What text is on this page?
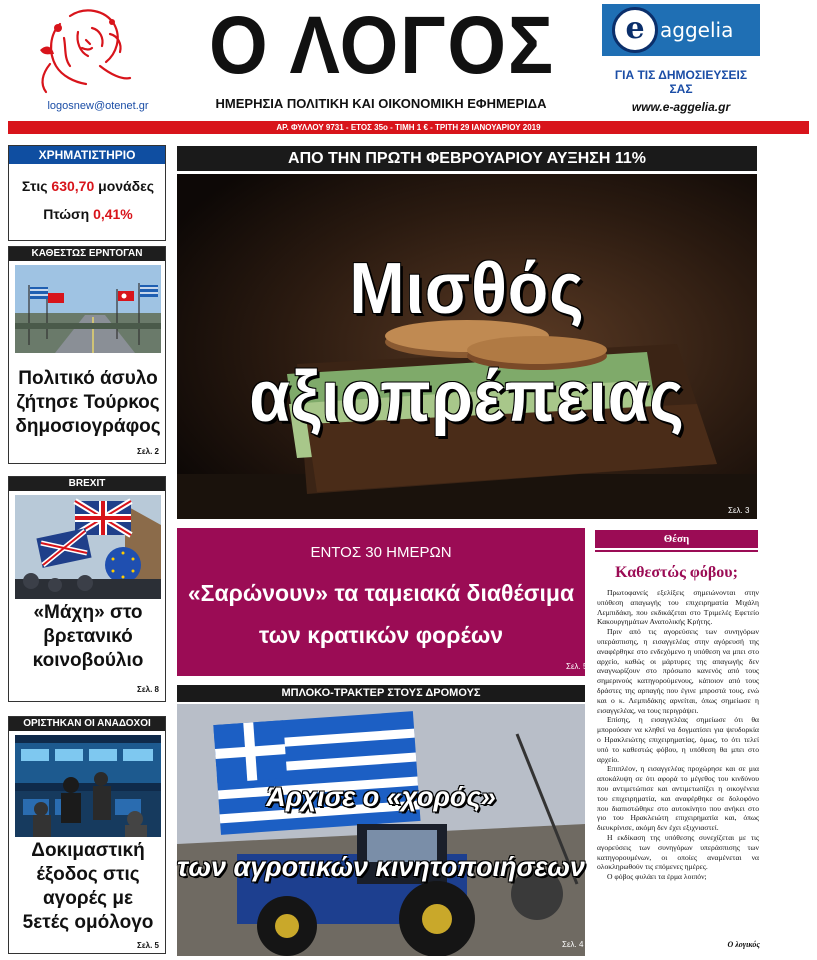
logosnew@otenet.gr
Ο ΛΟΓΟΣ
ΗΜΕΡΗΣΙΑ ΠΟΛΙΤΙΚΗ ΚΑΙ ΟΙΚΟΝΟΜΙΚΗ ΕΦΗΜΕΡΙΔΑ
e aggelia
ΓΙΑ ΤΙΣ ΔΗΜΟΣΙΕΥΣΕΙΣ ΣΑΣ
www.e-aggelia.gr
ΑΡ. ΦΥΛΛΟΥ 9731 - ΕΤΟΣ 35ο - ΤΙΜΗ 1 € - ΤΡΙΤΗ 29 ΙΑΝΟΥΑΡΙΟΥ 2019
ΧΡΗΜΑΤΙΣΤΗΡΙΟ
Στις 630,70 μονάδες
Πτώση 0,41%
ΚΑΘΕΣΤΩΣ ΕΡΝΤΟΓΑΝ
Πολιτικό άσυλο
ζήτησε Τούρκος
δημοσιογράφος
Σελ. 2
BREXIT
«Μάχη» στο
βρετανικό
κοινοβούλιο
Σελ. 8
ΟΡΙΣΤΗΚΑΝ ΟΙ ΑΝΑΔΟΧΟΙ
Δοκιμαστική
έξοδος στις
αγορές με
5ετές ομόλογο
Σελ. 5
ΑΠΟ ΤΗΝ ΠΡΩΤΗ ΦΕΒΡΟΥΑΡΙΟΥ ΑΥΞΗΣΗ 11%
Μισθός
αξιοπρέπειας
Σελ. 3
ΕΝΤΟΣ 30 ΗΜΕΡΩΝ
«Σαρώνουν» τα ταμειακά διαθέσιμα
των κρατικών φορέων
Σελ. 5
ΜΠΛΟΚΟ-ΤΡΑΚΤΕΡ ΣΤΟΥΣ ΔΡΟΜΟΥΣ
Άρχισε ο «χορός»
των αγροτικών κινητοποιήσεων
Σελ. 4
Θέση
Καθεστώς φόβου;

Πρωτοφανείς εξελίξεις σημειώνονται στην υπόθεση απαγωγής του επιχειρηματία Μιχάλη Λεμπιδάκη, που εκδικάζεται στο Τριμελές Εφετείο Κακουργημάτων Ανατολικής Κρήτης.

Πριν από τις αγορεύσεις των συνηγόρων υπεράσπισης, η εισαγγελέας στην αγόρευσή της αναφέρθηκε στο ενδεχόμενο η υπόθεση να μπει στο αρχείο, καθώς οι μάρτυρες της απαγωγής δεν αναγνωρίζουν στο πρόσωπο κανενός από τους σημερινούς κατηγορούμενους, κάποιον από τους δράστες της αρπαγής που έγινε μπροστά τους, ενώ και ο κ. Λεμπιδάκης αρνείται, όπως σημείωσε η εισαγγελέας, να τους περιγράψει.

Επίσης, η εισαγγελέας σημείωσε ότι θα μπορούσαν να κληθεί να δογματίσει για ψευδορκία ο Ηρακλειώτης επιχειρηματίας, όμως, το ότι τελεί υπό το καθεστώς φόβου, η υπόθεση θα μπει στο αρχείο.

Επιπλέον, η εισαγγελέας προχώρησε και σε μια αποκάλυψη σε ότι αφορά το μέγεθος του κινδύνου που αντιμετώπισε και αντιμετωπίζει η οικογένεια του επιχειρηματία, και αναφέρθηκε σε δολοφόνο που διαπιστώθηκε στο αυτοκίνητο που ανήκει στο γιο του Ηρακλειώτη επιχειρηματία και, όπως διευκρίνισε, ακόμη δεν έχει εξιχνιαστεί.

Η εκδίκαση της υπόθεσης συνεχίζεται με τις αγορεύσεις των συνηγόρων υπεράσπισης των κατηγορουμένων, οι οποίες αναμένεται να ολοκληρωθούν τις επόμενες ημέρες.

Ο φόβος φυλάει τα έρμα λοιπόν;

Ο λογικός
